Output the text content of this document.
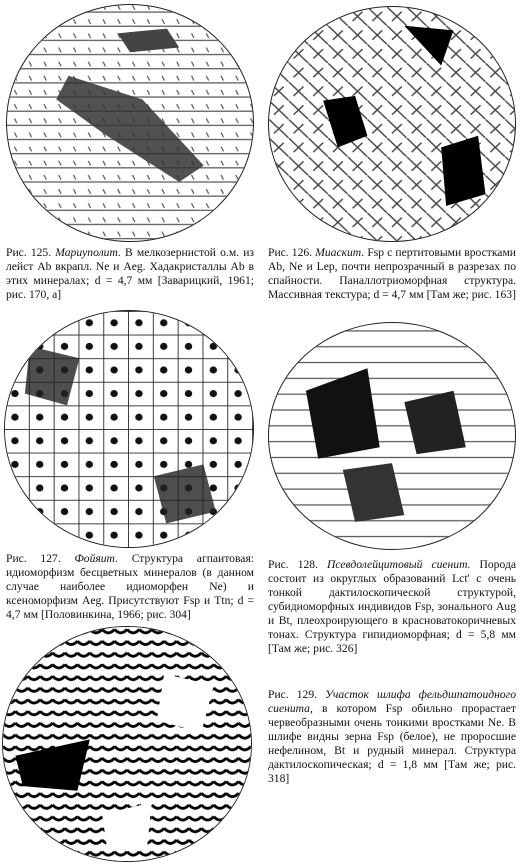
Рис. 125. Мариуполит. В мелкозернистой о.м. из лейст Ab вкрапл. Ne и Aeg. Хадакристаллы Ab в этих минералах; d = 4,7 мм [Заварицкий, 1961; рис. 170, а]
Рис. 126. Миаскит. Fsp с пертитовыми вростками Ab, Ne и Lep, почти непрозрачный в разрезах по спайности. Паналлотриоморфная структура. Массивная текстура; d = 4,7 мм [Там же; рис. 163]
Рис. 127. Фойяит. Структура агпаитовая: идиоморфизм бесцветных минералов (в данном случае наиболее идиоморфен Ne) и ксеноморфизм Aeg. Присутствуют Fsp и Ttn; d = 4,7 мм [Половинкина, 1966; рис. 304]
Рис. 128. Псевдолейцитовый сиенит. Порода состоит из округлых образований Lct' с очень тонкой дактилоскопической структурой, субидиоморфных индивидов Fsp, зонального Aug и Bt, плеохроирующего в красноватокоричневых тонах. Структура гипидиоморфная; d = 5,8 мм [Там же; рис. 326]
Рис. 129. Участок шлифа фельдшпатоидного сиенита, в котором Fsp обильно прорастает червеобразными очень тонкими вростками Ne. В шлифе видны зерна Fsp (белое), не проросшие нефелином, Bt и рудный минерал. Структура дактилоскопическая; d = 1,8 мм [Там же; рис. 318]
